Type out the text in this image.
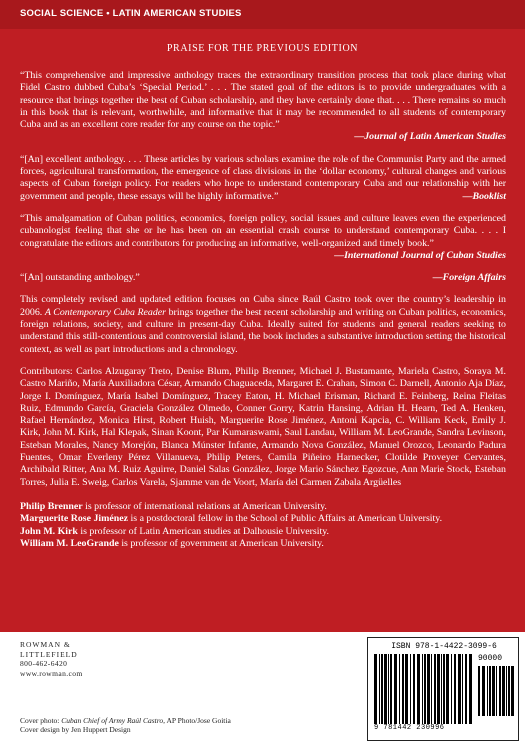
SOCIAL SCIENCE • LATIN AMERICAN STUDIES
PRAISE FOR THE PREVIOUS EDITION
“This comprehensive and impressive anthology traces the extraordinary transition process that took place during what Fidel Castro dubbed Cuba’s ‘Special Period.’ . . . The stated goal of the editors is to provide undergraduates with a resource that brings together the best of Cuban scholarship, and they have certainly done that. . . . There remains so much in this book that is relevant, worthwhile, and informative that it may be recommended to all students of contemporary Cuba and as an excellent core reader for any course on the topic.”
—Journal of Latin American Studies
“[An] excellent anthology. . . . These articles by various scholars examine the role of the Communist Party and the armed forces, agricultural transformation, the emergence of class divisions in the ‘dollar economy,’ cultural changes and various aspects of Cuban foreign policy. For readers who hope to understand contemporary Cuba and our relationship with her government and people, these essays will be highly informative.”	—Booklist
“This amalgamation of Cuban politics, economics, foreign policy, social issues and culture leaves even the experienced cubanologist feeling that she or he has been on an essential crash course to understand contemporary Cuba. . . . I congratulate the editors and contributors for producing an informative, well-organized and timely book.”
—International Journal of Cuban Studies
“[An] outstanding anthology.”	—Foreign Affairs
This completely revised and updated edition focuses on Cuba since Raúl Castro took over the country’s leadership in 2006. A Contemporary Cuba Reader brings together the best recent scholarship and writing on Cuban politics, economics, foreign relations, society, and culture in present-day Cuba. Ideally suited for students and general readers seeking to understand this still-contentious and controversial island, the book includes a substantive introduction setting the historical context, as well as part introductions and a chronology.
Contributors: Carlos Alzugaray Treto, Denise Blum, Philip Brenner, Michael J. Bustamante, Mariela Castro, Soraya M. Castro Mariño, María Auxiliadora César, Armando Chaguaceda, Margaret E. Crahan, Simon C. Darnell, Antonio Aja Díaz, Jorge I. Domínguez, María Isabel Domínguez, Tracey Eaton, H. Michael Erisman, Richard E. Feinberg, Reina Fleitas Ruiz, Edmundo García, Graciela González Olmedo, Conner Gorry, Katrin Hansing, Adrian H. Hearn, Ted A. Henken, Rafael Hernández, Monica Hirst, Robert Huish, Marguerite Rose Jiménez, Antoni Kapcia, C. William Keck, Emily J. Kirk, John M. Kirk, Hal Klepak, Sinan Koont, Par Kumaraswami, Saul Landau, William M. LeoGrande, Sandra Levinson, Esteban Morales, Nancy Morejón, Blanca Múnster Infante, Armando Nova González, Manuel Orozco, Leonardo Padura Fuentes, Omar Everleny Pérez Villanueva, Philip Peters, Camila Piñeiro Harnecker, Clotilde Proveyer Cervantes, Archibald Ritter, Ana M. Ruiz Aguirre, Daniel Salas González, Jorge Mario Sánchez Egozcue, Ann Marie Stock, Esteban Torres, Julia E. Sweig, Carlos Varela, Sjamme van de Voort, María del Carmen Zabala Argüelles
Philip Brenner is professor of international relations at American University.
Marguerite Rose Jiménez is a postdoctoral fellow in the School of Public Affairs at American University.
John M. Kirk is professor of Latin American studies at Dalhousie University.
William M. LeoGrande is professor of government at American University.
ROWMAN &
LITTLEFIELD
800-462-6420
www.rowman.com
Cover photo: Cuban Chief of Army Raúl Castro, AP Photo/Jose Goitia
Cover design by Jen Huppert Design
ISBN 978-1-4422-3099-6
90000
9 781442 230996
